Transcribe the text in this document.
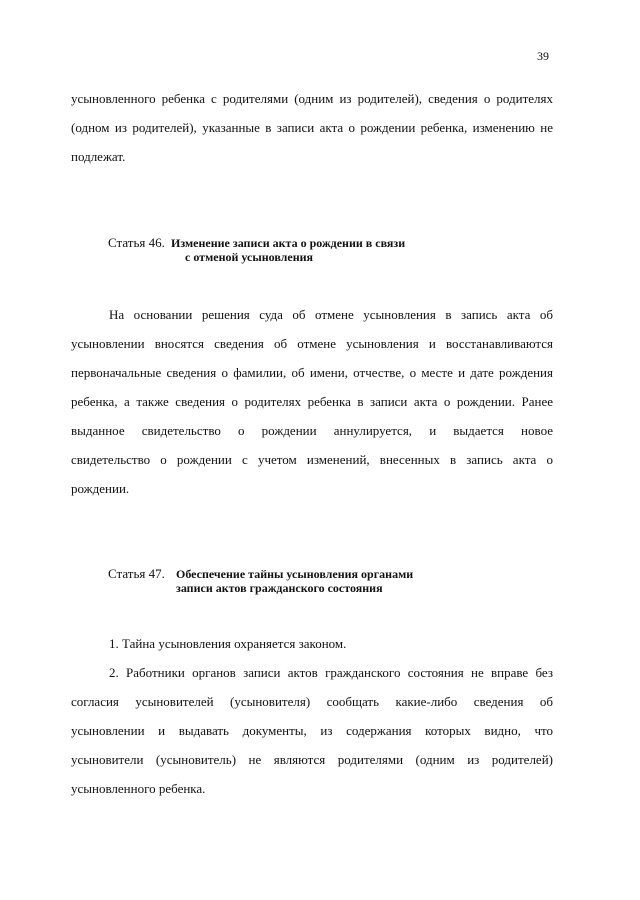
39
усыновленного ребенка с родителями (одним из родителей), сведения о родителях
(одном из родителей), указанные в записи акта о рождении ребенка, изменению не
подлежат.
Статья 46. Изменение записи акта о рождении в связи
с отменой усыновления
На основании решения суда об отмене усыновления в запись акта об
усыновлении вносятся сведения об отмене усыновления и восстанавливаются
первоначальные сведения о фамилии, об имени, отчестве, о месте и дате рождения
ребенка, а также сведения о родителях ребенка в записи акта о рождении. Ранее
выданное свидетельство о рождении аннулируется, и выдается новое
свидетельство о рождении с учетом изменений, внесенных в запись акта о
рождении.
Статья 47. Обеспечение тайны усыновления органами
записи актов гражданского состояния
1. Тайна усыновления охраняется законом.
2. Работники органов записи актов гражданского состояния не вправе без
согласия усыновителей (усыновителя) сообщать какие-либо сведения об
усыновлении и выдавать документы, из содержания которых видно, что
усыновители (усыновитель) не являются родителями (одним из родителей)
усыновленного ребенка.
